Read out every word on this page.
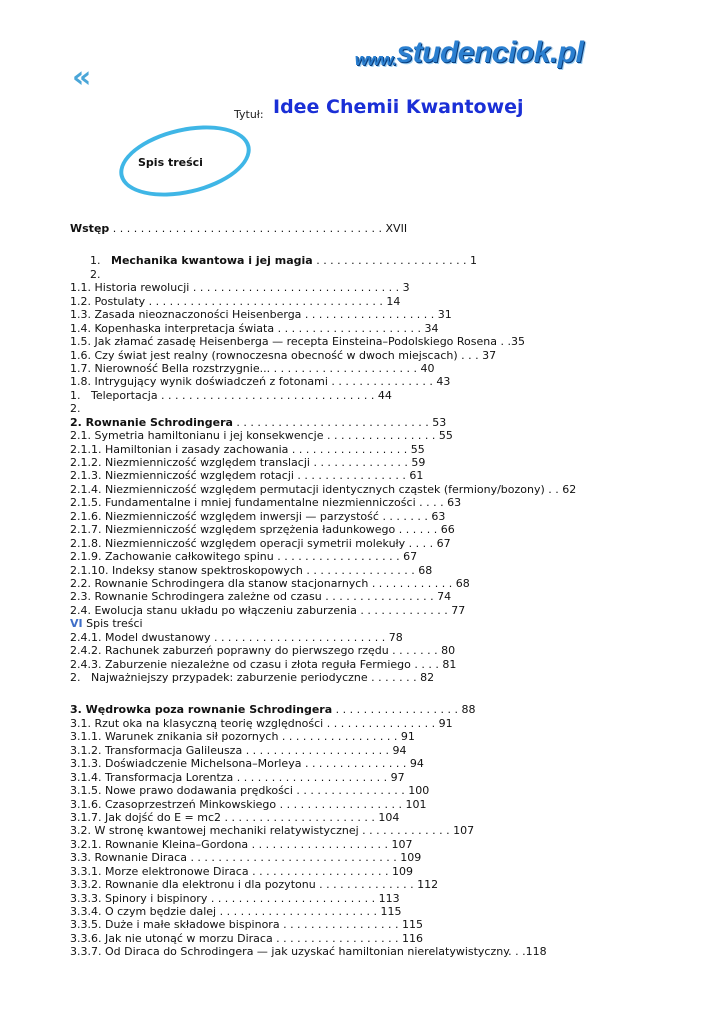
«
www. studenciok.pl
Tytuł: Idee Chemii Kwantowej
Spis treści
Wstęp . . . . . . . . . . . . . . . . . . . . . . . . . . . . . . . . . . . . . . . XVII
1. Mechanika kwantowa i jej magia . . . . . . . . . . . . . . . . . . . . . . 1
2.
1.1. Historia rewolucji . . . . . . . . . . . . . . . . . . . . . . . . . . . . . . 3
1.2. Postulaty . . . . . . . . . . . . . . . . . . . . . . . . . . . . . . . . . . 14
1.3. Zasada nieoznaczoności Heisenberga . . . . . . . . . . . . . . . . . . . 31
1.4. Kopenhaska interpretacja świata . . . . . . . . . . . . . . . . . . . . . 34
1.5. Jak złamać zasadę Heisenberga — recepta Einsteina–Podolskiego Rosena . .35
1.6. Czy świat jest realny (rownoczesna obecność w dwoch miejscach) . . . 37
1.7. Nierowność Bella rozstrzygnie... . . . . . . . . . . . . . . . . . . . . . 40
1.8. Intrygujący wynik doświadczeń z fotonami . . . . . . . . . . . . . . . 43
1.   Teleportacja . . . . . . . . . . . . . . . . . . . . . . . . . . . . . . . 44
2.
2. Rownanie Schrodingera . . . . . . . . . . . . . . . . . . . . . . . . . . . . 53
2.1. Symetria hamiltonianu i jej konsekwencje . . . . . . . . . . . . . . . . 55
2.1.1. Hamiltonian i zasady zachowania . . . . . . . . . . . . . . . . . 55
2.1.2. Niezmienniczość względem translacji . . . . . . . . . . . . . . 59
2.1.3. Niezmienniczość względem rotacji . . . . . . . . . . . . . . . . 61
2.1.4. Niezmienniczość względem permutacji identycznych cząstek (fermiony/bozony) . . 62
2.1.5. Fundamentalne i mniej fundamentalne niezmienniczości . . . . 63
2.1.6. Niezmienniczość względem inwersji — parzystość . . . . . . . 63
2.1.7. Niezmienniczość względem sprzężenia ładunkowego . . . . . . 66
2.1.8. Niezmienniczość względem operacji symetrii molekuły . . . . 67
2.1.9. Zachowanie całkowitego spinu . . . . . . . . . . . . . . . . . . 67
2.1.10. Indeksy stanow spektroskopowych . . . . . . . . . . . . . . . . 68
2.2. Rownanie Schrodingera dla stanow stacjonarnych . . . . . . . . . . . . 68
2.3. Rownanie Schrodingera zależne od czasu . . . . . . . . . . . . . . . . 74
2.4. Ewolucja stanu układu po włączeniu zaburzenia . . . . . . . . . . . . . 77
VI Spis treści
2.4.1. Model dwustanowy . . . . . . . . . . . . . . . . . . . . . . . . . 78
2.4.2. Rachunek zaburzeń poprawny do pierwszego rzędu . . . . . . . 80
2.4.3. Zaburzenie niezależne od czasu i złota reguła Fermiego . . . . 81
2.   Najważniejszy przypadek: zaburzenie periodyczne . . . . . . . 82
3. Wędrowka poza rownanie Schrodingera . . . . . . . . . . . . . . . . . . 88
3.1. Rzut oka na klasyczną teorię względności . . . . . . . . . . . . . . . . 91
3.1.1. Warunek znikania sił pozornych . . . . . . . . . . . . . . . . . 91
3.1.2. Transformacja Galileusza . . . . . . . . . . . . . . . . . . . . . 94
3.1.3. Doświadczenie Michelsona–Morleya . . . . . . . . . . . . . . . 94
3.1.4. Transformacja Lorentza . . . . . . . . . . . . . . . . . . . . . . 97
3.1.5. Nowe prawo dodawania prędkości . . . . . . . . . . . . . . . . 100
3.1.6. Czasoprzestrzeń Minkowskiego . . . . . . . . . . . . . . . . . . 101
3.1.7. Jak dojść do E = mc2 . . . . . . . . . . . . . . . . . . . . . . 104
3.2. W stronę kwantowej mechaniki relatywistycznej . . . . . . . . . . . . . 107
3.2.1. Rownanie Kleina–Gordona . . . . . . . . . . . . . . . . . . . . 107
3.3. Rownanie Diraca . . . . . . . . . . . . . . . . . . . . . . . . . . . . . . 109
3.3.1. Morze elektronowe Diraca . . . . . . . . . . . . . . . . . . . . 109
3.3.2. Rownanie dla elektronu i dla pozytonu . . . . . . . . . . . . . . 112
3.3.3. Spinory i bispinory . . . . . . . . . . . . . . . . . . . . . . . . 113
3.3.4. O czym będzie dalej . . . . . . . . . . . . . . . . . . . . . . . 115
3.3.5. Duże i małe składowe bispinora . . . . . . . . . . . . . . . . . 115
3.3.6. Jak nie utonąć w morzu Diraca . . . . . . . . . . . . . . . . . . 116
3.3.7. Od Diraca do Schrodingera — jak uzyskać hamiltonian nierelatywistyczny. . .118
